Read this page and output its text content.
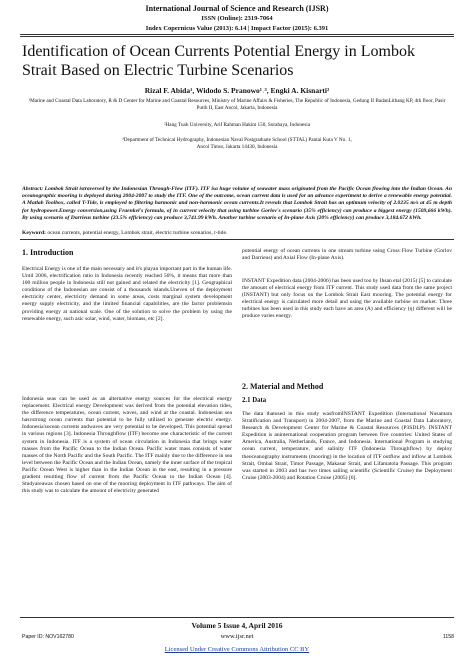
International Journal of Science and Research (IJSR)
ISSN (Online): 2319-7064
Index Copernicus Value (2013): 6.14 | Impact Factor (2015): 6.391
Identification of Ocean Currents Potential Energy in Lombok Strait Based on Electric Turbine Scenarios
Rizal F. Abida¹, Widodo S. Pranowo¹˒³, Engki A. Kisnarti²
¹Marine and Coastal Data Laboratory, R & D Center for Marine and Coastal Resources, Ministry of Marine Affairs & Fisheries, The Republic of Indonesia, Gedung II BadanLitbang KP, 4th floor, Pasir Putih II, East Ancol, Jakarta, Indonesia
²Hang Tuah University, Arif Rahman Hakim 150, Surabaya, Indonesia
³Department of Technical Hydrography, Indonesian Naval Postgraduate School (STTAL) Pantai Kuta V No. 1, Ancol Timur, Jakarta 14430, Indonesia

Abstract: Lombok Strait istraversed by the Indonesian Through-Flow (ITF). ITF isa huge volume of seawater mass originated from the Pacific Ocean flowing into the Indian Ocean. An oceanographic mooring is deployed during 2004-2007 to study the ITF. One of the outcome, ocean current data is used for an advance experiment to derive a renewable energy potential. A Matlab Toolbox, called T-Tide, is employed to filtering harmonic and non-harmonic ocean currents.It reveals that Lombok Strait has an optimum velocity of 2.0235 m/s at 45 m depth for hydropower.Energy conversion,using Fraenkel's formula, of in current velocity that using turbine Gorlov's scenario (35% efficiency) can produce a biggest energy (1509,666 kWh). By using scenario of Darrieus turbine (23.5% efficiency) can produce 3,741.99 kWh. Another turbine scenario of In-plane Axis (20% efficiency) can produce 3,184.672 kWh.

Keyword: ocean currents, potential energy, Lombok strait, electric turbine scenarios, t-tide.
1. Introduction

Electrical Energy is one of the main necessary and it's playan important part in the human life. Until 2006, electrification ratio in Indonesia recently reached 56%, it means that more than 100 million people in Indonesia still not gained and related the electricity [1]. Geographical conditions of the Indonesian are consist of a thousands islands.Uneven of the deployment electricity center, electricity demand in some areas, costs marginal system development energy supply electricity, and the limited financial capabilities, are the factor problemsin providing energy at national scale. One of the solution to solve the problem by using the renewable energy, such asic solar, wind, water, biomass, etc [2].

Indonesia seas can be used as an alternative energy sources for the electrical energy replacement. Electrical energy Development was derived from the potential elevation tides, the difference temperatures, ocean current, waves, and wind at the coastal. Indonesian sea hasvstrong ocean currents that potential to be fully utilized to generate electric energy. Indonesia'socean currents andwaves are very potential to be developed. This potential spread in various regions [3]. Indonesia Throughflow (ITF) become one characteristic of the current system in Indonesia. ITF is a system of ocean circulation in Indonesia that brings water masses from the Pacific Ocean to the Indian Ocean. Pacific water mass consists of water masses of the North Pacific and the South Pacific. The ITF mainly due to the difference in sea level between the Pacific Ocean and the Indian Ocean, namely the inner surface of the tropical Pacific Ocean West is higher than in the Indian Ocean in the east, resulting in a pressure gradient resulting flow of current from the Pacific Ocean to the Indian Ocean [4]. Studyareawas chosen based on one of the mooring deployment in ITF pathways. The aim of this study was to calculate the amount of electricity generated

potential energy of ocean currents in one stream turbine using Cross Flow Turbine (Gorlov and Darrieus) and Axial Flow (In-plane Axis).

INSTANT Expedition data (2004-2006) has been used too by Ihsan etal (2015) [5] to calculate the amount of electrical energy from ITF current. This study used data from the same project (INSTANT) but only focus on the Lombok Strait East mooring. The potential energy for electrical energy is calculated more detail and using the available turbine on market. Three turbines has been used in this study each have an area (A) and efficiency (η) different will be produce varies energy.

2. Material and Method
2.1 Data

The data thatused in this study wasfromINSTANT Expedition (International Nusantara Stratification and Transport) in 2004-2007, from the Marine and Coastal Data Laboratory, Research & Development Center for Marine & Coastal Resources (P3SDLP). INSTANT Expedition is aninternational cooperation program between five countries: United States of America, Australia, Netherlands, France, and Indonesia. International Program is studying ocean current, temperature, and salinity ITF (Indonesia Throughflow) by deploy theoceanography instruments (mooring) in the location of ITF outflow and inflow at Lombok Strait, Ombai Strait, Timor Passage, Makasar Strait, and Lifamatola Passage. This program was started in 2003 and has two times sailing scientific (Scientific Cruise) the Deployment Cruise (2003-2004) and Rotation Cruise (2005) [6].

Volume 5 Issue 4, April 2016
www.ijsr.net
Licensed Under Creative Commons Attribution CC BY
Paper ID: NOV162780	1158
